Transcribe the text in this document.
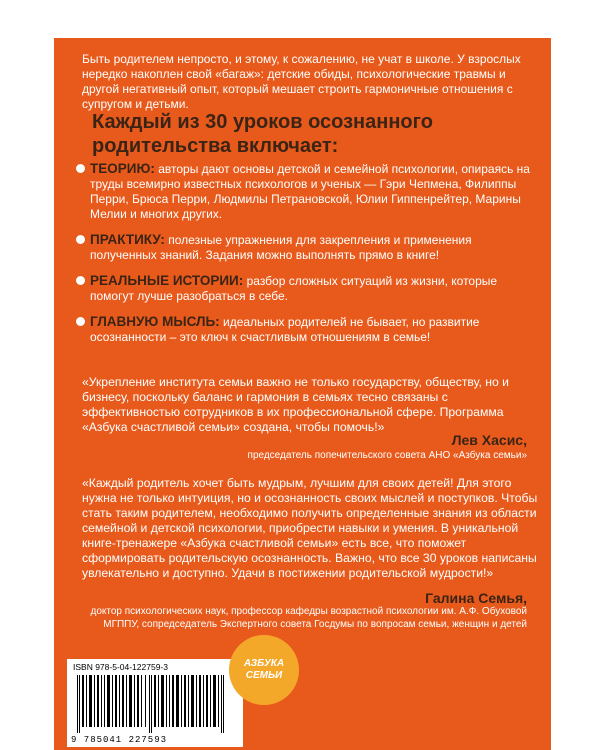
Быть родителем непросто, и этому, к сожалению, не учат в школе. У взрослых нередко накоплен свой «багаж»: детские обиды, психологические травмы и другой негативный опыт, который мешает строить гармоничные отношения с супругом и детьми.
Каждый из 30 уроков осознанного родительства включает:
ТЕОРИЮ: авторы дают основы детской и семейной психологии, опираясь на труды всемирно известных психологов и ученых — Гэри Чепмена, Филиппы Перри, Брюса Перри, Людмилы Петрановской, Юлии Гиппенрейтер, Марины Мелии и многих других.
ПРАКТИКУ: полезные упражнения для закрепления и применения полученных знаний. Задания можно выполнять прямо в книге!
РЕАЛЬНЫЕ ИСТОРИИ: разбор сложных ситуаций из жизни, которые помогут лучше разобраться в себе.
ГЛАВНУЮ МЫСЛЬ: идеальных родителей не бывает, но развитие осознанности – это ключ к счастливым отношениям в семье!
«Укрепление института семьи важно не только государству, обществу, но и бизнесу, поскольку баланс и гармония в семьях тесно связаны с эффективностью сотрудников в их профессиональной сфере. Программа «Азбука счастливой семьи» создана, чтобы помочь!»
Лев Хасис,
председатель попечительского совета АНО «Азбука семьи»
«Каждый родитель хочет быть мудрым, лучшим для своих детей! Для этого нужна не только интуиция, но и осознанность своих мыслей и поступков. Чтобы стать таким родителем, необходимо получить определенные знания из области семейной и детской психологии, приобрести навыки и умения. В уникальной книге-тренажере «Азбука счастливой семьи» есть все, что поможет сформировать родительскую осознанность. Важно, что все 30 уроков написаны увлекательно и доступно. Удачи в постижении родительской мудрости!»
Галина Семья,
доктор психологических наук, профессор кафедры возрастной психологии им. А.Ф. Обуховой МГППУ, сопредседатель Экспертного совета Госдумы по вопросам семьи, женщин и детей
ISBN 978-5-04-122759-3
9 785041 227593
АЗБУКА
СЕМЬИ
